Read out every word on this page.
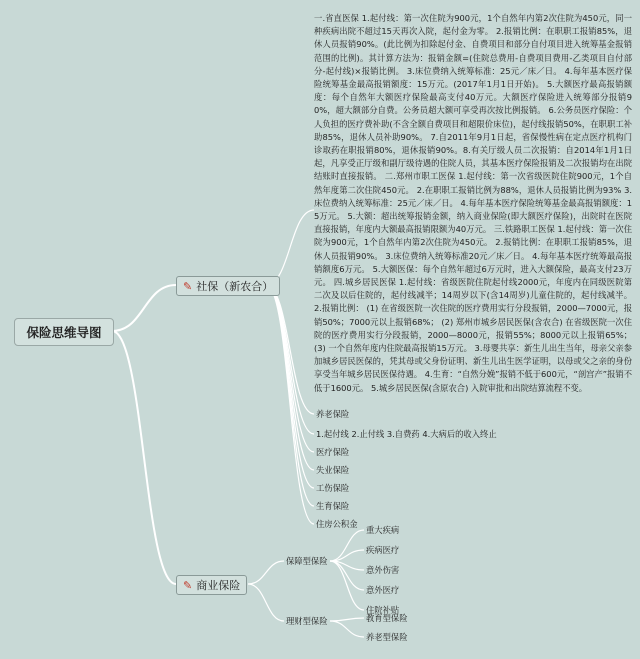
保险思维导图
✎ 社保（新农合）
✎ 商业保险
一.省直医保 1.起付线：第一次住院为900元，1个自然年内第2次住院为450元，同一种疾病出院不超过15天再次入院，起付金为零。 2.报销比例：在职职工报销85%，退休人员报销90%。(此比例为扣除起付金、自费项目和部分自付项目进入统筹基金报销范围的比例)。其计算方法为：报销金额=(住院总费用-自费项目费用-乙类项目自付部分-起付线)×报销比例。 3.床位费纳入统筹标准：25元／床／日。 4.每年基本医疗保险统筹基金最高报销额度：15万元。(2017年1月1日开始)。 5.大额医疗最高报销额度：每个自然年大额医疗保险最高支付40万元。大额医疗保险进入统筹部分报销90%，超大额部分自费。公务员超大额可享受再次按比例报销。 6.公务员医疗保险：个人负担的医疗费补助(不含全额自费项目和超限价床位)，起付线报销50%，在职职工补助85%，退休人员补助90%。 7.自2011年9月1日起，省保慢性病在定点医疗机构门诊取药在职报销80%，退休报销90%。8.有关厅级人员二次报销：自2014年1月1日起，凡享受正厅级和副厅级待遇的住院人员，其基本医疗保险报销及二次报销均在出院结账时直接报销。 二.郑州市职工医保 1.起付线：第一次省级医院住院900元，1个自然年度第二次住院450元。 2.在职职工报销比例为88%，退休人员报销比例为93% 3.床位费纳入统筹标准：25元／床／日。 4.每年基本医疗保险统筹基金最高报销额度：15万元。 5.大额：超出统筹报销金额，纳入商业保险(即大额医疗保险)，出院时在医院直接报销，年度内大额最高报销限额为40万元。 三.铁路职工医保 1.起付线：第一次住院为900元，1个自然年内第2次住院为450元。 2.报销比例：在职职工报销85%，退休人员报销90%。 3.床位费纳入统筹标准20元／床／日。 4.每年基本医疗统筹最高报销额度6万元。 5.大额医保：每个自然年超过6万元时，进入大额保险，最高支付23万元。 四.城乡居民医保 1.起付线：省级医院住院起付线2000元，年度内在同级医院第二次及以后住院的，起付线减半；14周岁以下(含14周岁)儿童住院的，起付线减半。 2.报销比例： (1) 在省级医院一次住院的医疗费用实行分段报销，2000—7000元，报销50%；7000元以上报销68%； (2) 郑州市城乡居民医保(含农合) 在省级医院一次住院的医疗费用实行分段报销，2000—8000元，报销55%；8000元以上报销65%； (3) 一个自然年度内住院最高报销15万元。 3.母婴共享：新生儿出生当年，母亲父亲参加城乡居民医保的，凭其母或父身份证明、新生儿出生医学证明，以母或父之亲的身份享受当年城乡居民医保待遇。 4.生育：“自然分娩”报销不低于600元，“剖宫产”报销不低于1600元。 5.城乡居民医保(含原农合) 入院审批和出院结算流程不变。
养老保险
1.起付线 2.止付线 3.自费药 4.大病后的收入终止
医疗保险
失业保险
工伤保险
生育保险
住房公积金
保障型保险
理财型保险
重大疾病
疾病医疗
意外伤害
意外医疗
住院补贴
教育型保险
养老型保险
